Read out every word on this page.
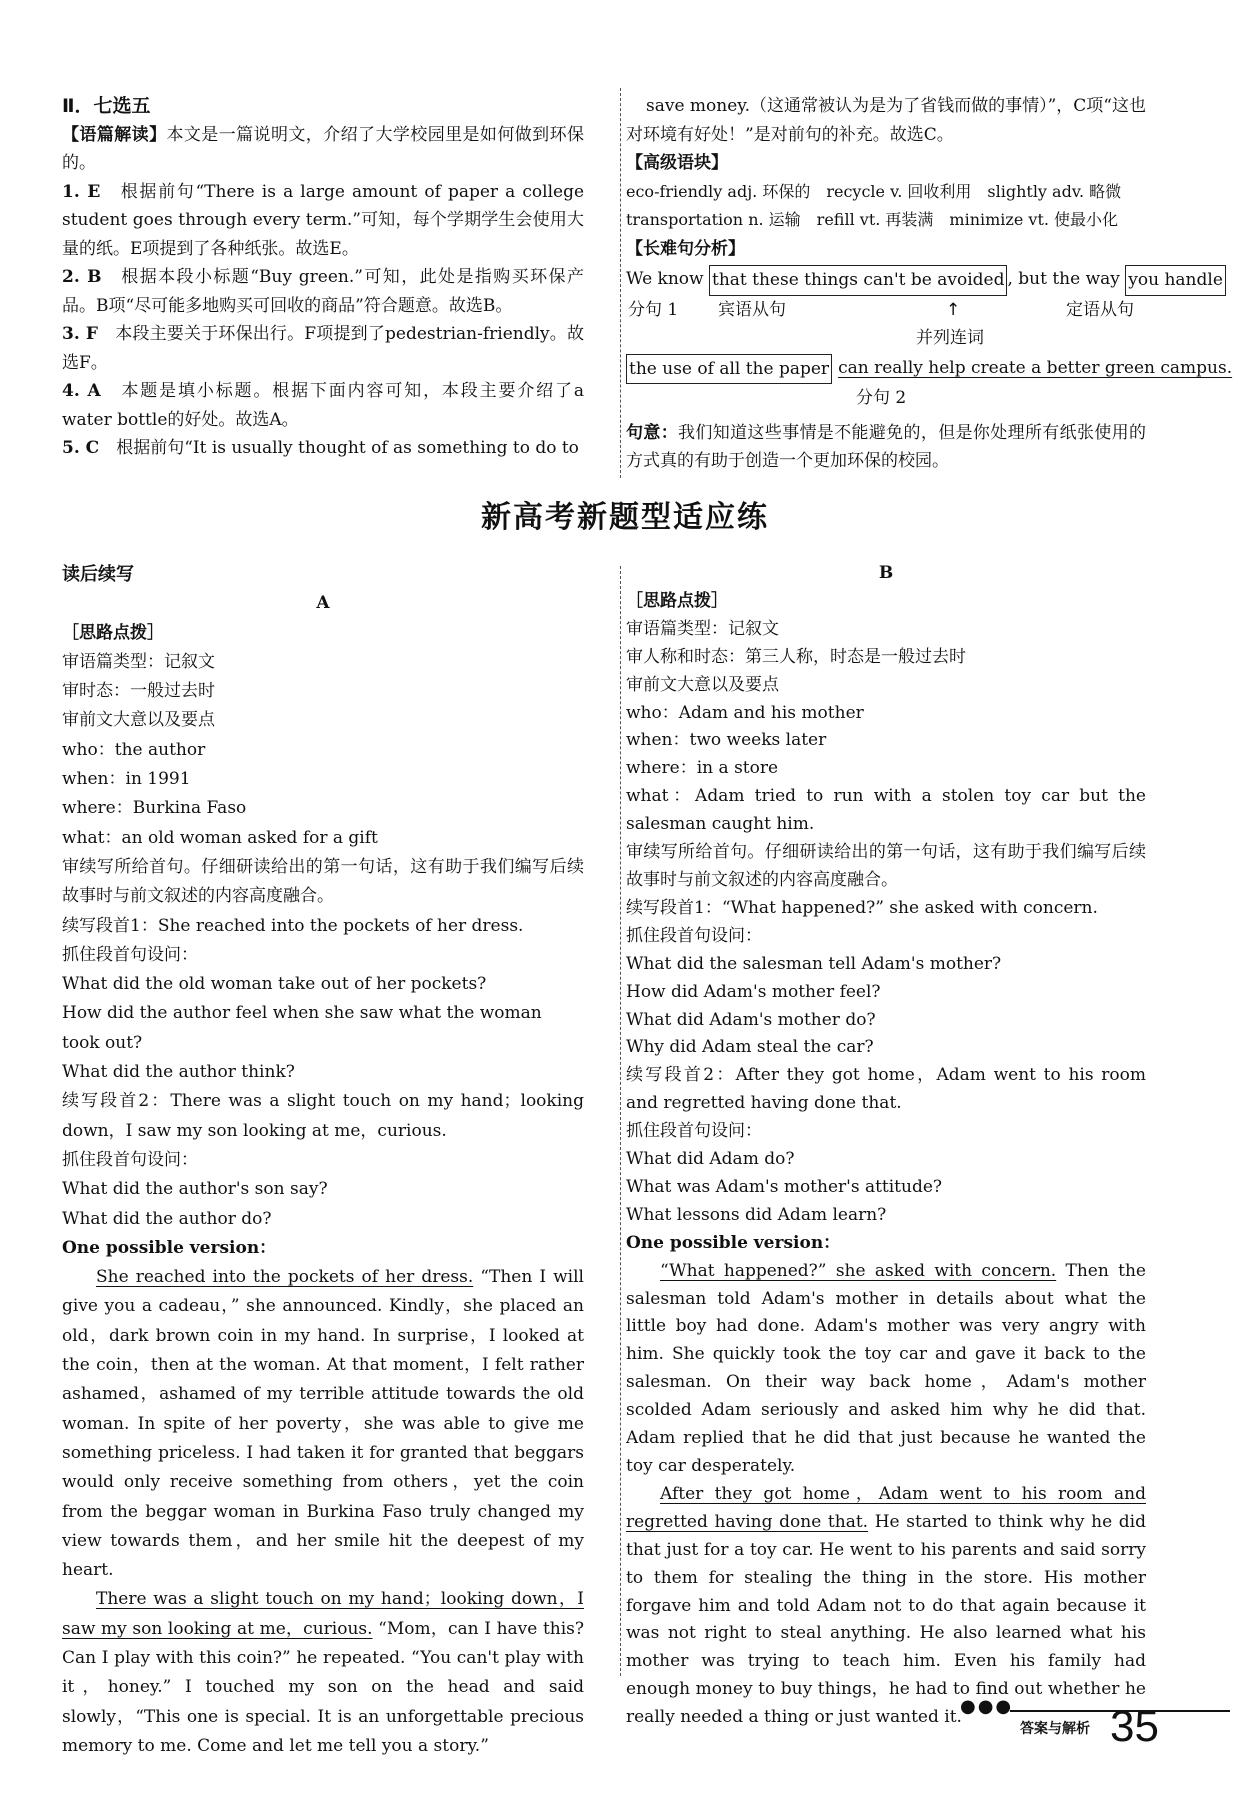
Ⅱ．七选五

【语篇解读】本文是一篇说明文，介绍了大学校园里是如何做到环保的。

1. E　 根据前句“There is a large amount of paper a college student goes through every term.”可知，每个学期学生会使用大量的纸。E项提到了各种纸张。故选E。

2. B　 根据本段小标题“Buy green.”可知，此处是指购买环保产品。B项“尽可能多地购买可回收的商品”符合题意。故选B。

3. F　 本段主要关于环保出行。F项提到了pedestrian-friendly。故选F。

4. A　 本题是填小标题。根据下面内容可知，本段主要介绍了a water bottle的好处。故选A。

5. C　 根据前句“It is usually thought of as something to do to

save money.（这通常被认为是为了省钱而做的事情）”，C项“这也对环境有好处！”是对前句的补充。故选C。

【高级语块】

eco-friendly adj. 环保的　recycle v. 回收利用　slightly adv. 略微

transportation n. 运输　refill vt. 再装满　minimize vt. 使最小化

【长难句分析】

We know
that these things can't be avoided , but the way
you handle
分句 1 宾语从句	定语从句
↑
并列连词
the use of all the paper can really help create a better green campus.

分句 2

句意：我们知道这些事情是不能避免的，但是你处理所有纸张使用的方式真的有助于创造一个更加环保的校园。

新高考新题型适应练

读后续写

A

［思路点拨］

审语篇类型：记叙文

审时态：一般过去时

审前文大意以及要点

who：the author

when：in 1991

where：Burkina Faso

what：an old woman asked for a gift

审续写所给首句。仔细研读给出的第一句话，这有助于我们编写后续故事时与前文叙述的内容高度融合。

续写段首1：She reached into the pockets of her dress.

抓住段首句设问：

What did the old woman take out of her pockets?

How did the author feel when she saw what the woman took out?

What did the author think?

续写段首2：There was a slight touch on my hand；looking down，I saw my son looking at me，curious.

抓住段首句设问：

What did the author's son say?

What did the author do?

One possible version：

She reached into the pockets of her dress. “Then I will give you a cadeau，” she announced. Kindly，she placed an old，dark brown coin in my hand. In surprise，I looked at the coin，then at the woman. At that moment，I felt rather ashamed，ashamed of my terrible attitude towards the old woman. In spite of her poverty，she was able to give me something priceless. I had taken it for granted that beggars would only receive something from others，yet the coin from the beggar woman in Burkina Faso truly changed my view towards them，and her smile hit the deepest of my heart.

There was a slight touch on my hand；looking down，I saw my son looking at me，curious. “Mom，can I have this? Can I play with this coin?” he repeated. “You can't play with it，honey.” I touched my son on the head and said slowly，“This one is special. It is an unforgettable precious memory to me. Come and let me tell you a story.”

B

［思路点拨］

审语篇类型：记叙文

审人称和时态：第三人称，时态是一般过去时

审前文大意以及要点

who：Adam and his mother

when：two weeks later

where：in a store

what：Adam tried to run with a stolen toy car but the salesman caught him.

审续写所给首句。仔细研读给出的第一句话，这有助于我们编写后续故事时与前文叙述的内容高度融合。

续写段首1：“What happened?” she asked with concern.

抓住段首句设问：

What did the salesman tell Adam's mother?

How did Adam's mother feel?

What did Adam's mother do?

Why did Adam steal the car?

续写段首2：After they got home，Adam went to his room and regretted having done that.

抓住段首句设问：

What did Adam do?

What was Adam's mother's attitude?

What lessons did Adam learn?

One possible version：

“What happened?” she asked with concern. Then the salesman told Adam's mother in details about what the little boy had done. Adam's mother was very angry with him. She quickly took the toy car and gave it back to the salesman. On their way back home，Adam's mother scolded Adam seriously and asked him why he did that. Adam replied that he did that just because he wanted the toy car desperately.

After they got home，Adam went to his room and regretted having done that. He started to think why he did that just for a toy car. He went to his parents and said sorry to them for stealing the thing in the store. His mother forgave him and told Adam not to do that again because it was not right to steal anything. He also learned what his mother was trying to teach him. Even his family had enough money to buy things，he had to find out whether he really needed a thing or just wanted it.

●●●
答案与解析 35
